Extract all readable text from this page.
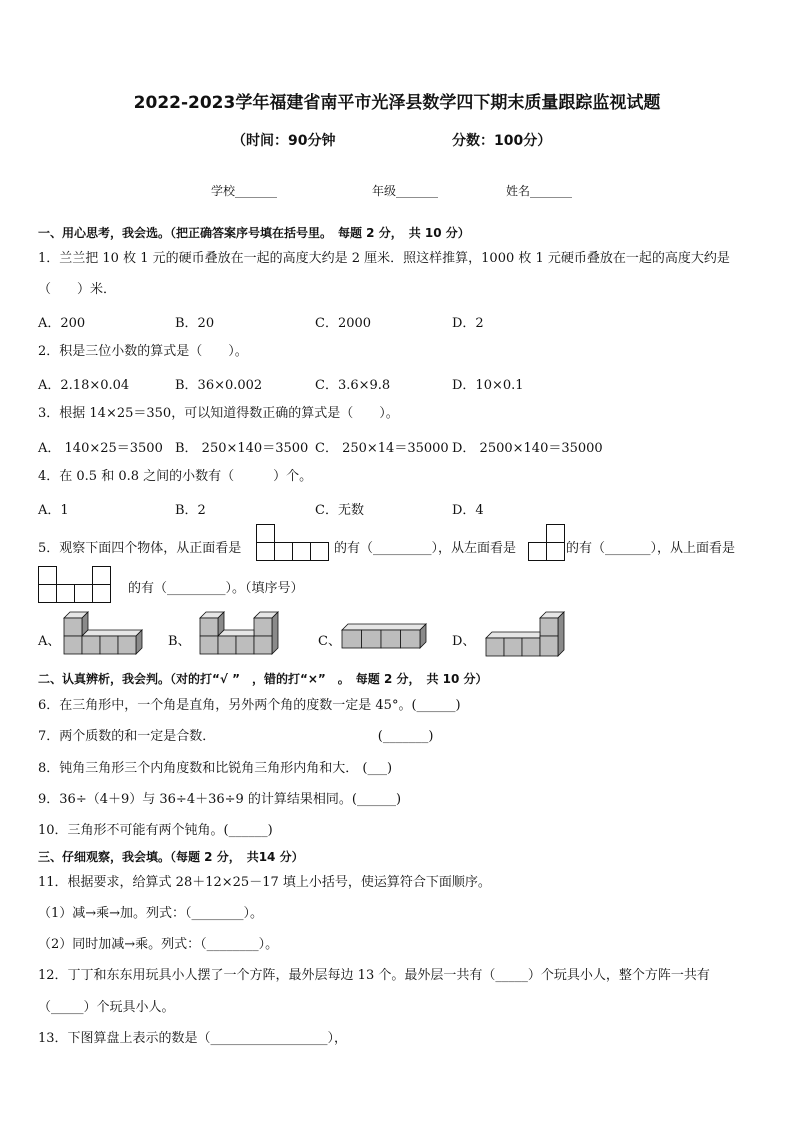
2022-2023学年福建省南平市光泽县数学四下期末质量跟踪监视试题
（时间：90分钟	分数：100分）
学校_______	年级_______	姓名_______
一、用心思考，我会选。（把正确答案序号填在括号里。　每题 2 分，　共 10 分）
1．兰兰把 10 枚 1 元的硬币叠放在一起的高度大约是 2 厘米．照这样推算，1000 枚 1 元硬币叠放在一起的高度大约是
（　　）米．
A．200	B．20	C．2000	D．2
2．积是三位小数的算式是（　　）。
A．2.18×0.04	B．36×0.002	C．3.6×9.8	D．10×0.1
3．根据 14×25＝350，可以知道得数正确的算式是（　　）。
A． 140×25＝3500 B． 250×140＝3500 C． 250×14＝35000 D． 2500×140＝35000
4．在 0.5 和 0.8 之间的小数有（　　　）个。
A．1	B．2	C．无数	D．4
5．观察下面四个物体，从正面看是	的有（_________），从左面看是	的有（_______），从上面看是
的有（_________）。（填序号）
A、	B、	C、	D、
二、认真辨析，我会判。（对的打“√ ”　，错的打“×”　。　每题 2 分，　共 10 分）
6．在三角形中，一个角是直角，另外两个角的度数一定是 45°。(______)
7．两个质数的和一定是合数．　　　　　　　　　　　　　(_______)
8．钝角三角形三个内角度数和比锐角三角形内角和大． (___)
9．36÷（4＋9）与 36÷4＋36÷9 的计算结果相同。(______)
10．三角形不可能有两个钝角。(______)
三、仔细观察，我会填。（每题 2 分，　共14 分）
11．根据要求，给算式 28＋12×25－17 填上小括号，使运算符合下面顺序。
（1）减→乘→加。列式：（________）。
（2）同时加减→乘。列式：（________）。
12．丁丁和东东用玩具小人摆了一个方阵，最外层每边 13 个。最外层一共有（_____）个玩具小人，整个方阵一共有
（_____）个玩具小人。
13．下图算盘上表示的数是（__________________），
